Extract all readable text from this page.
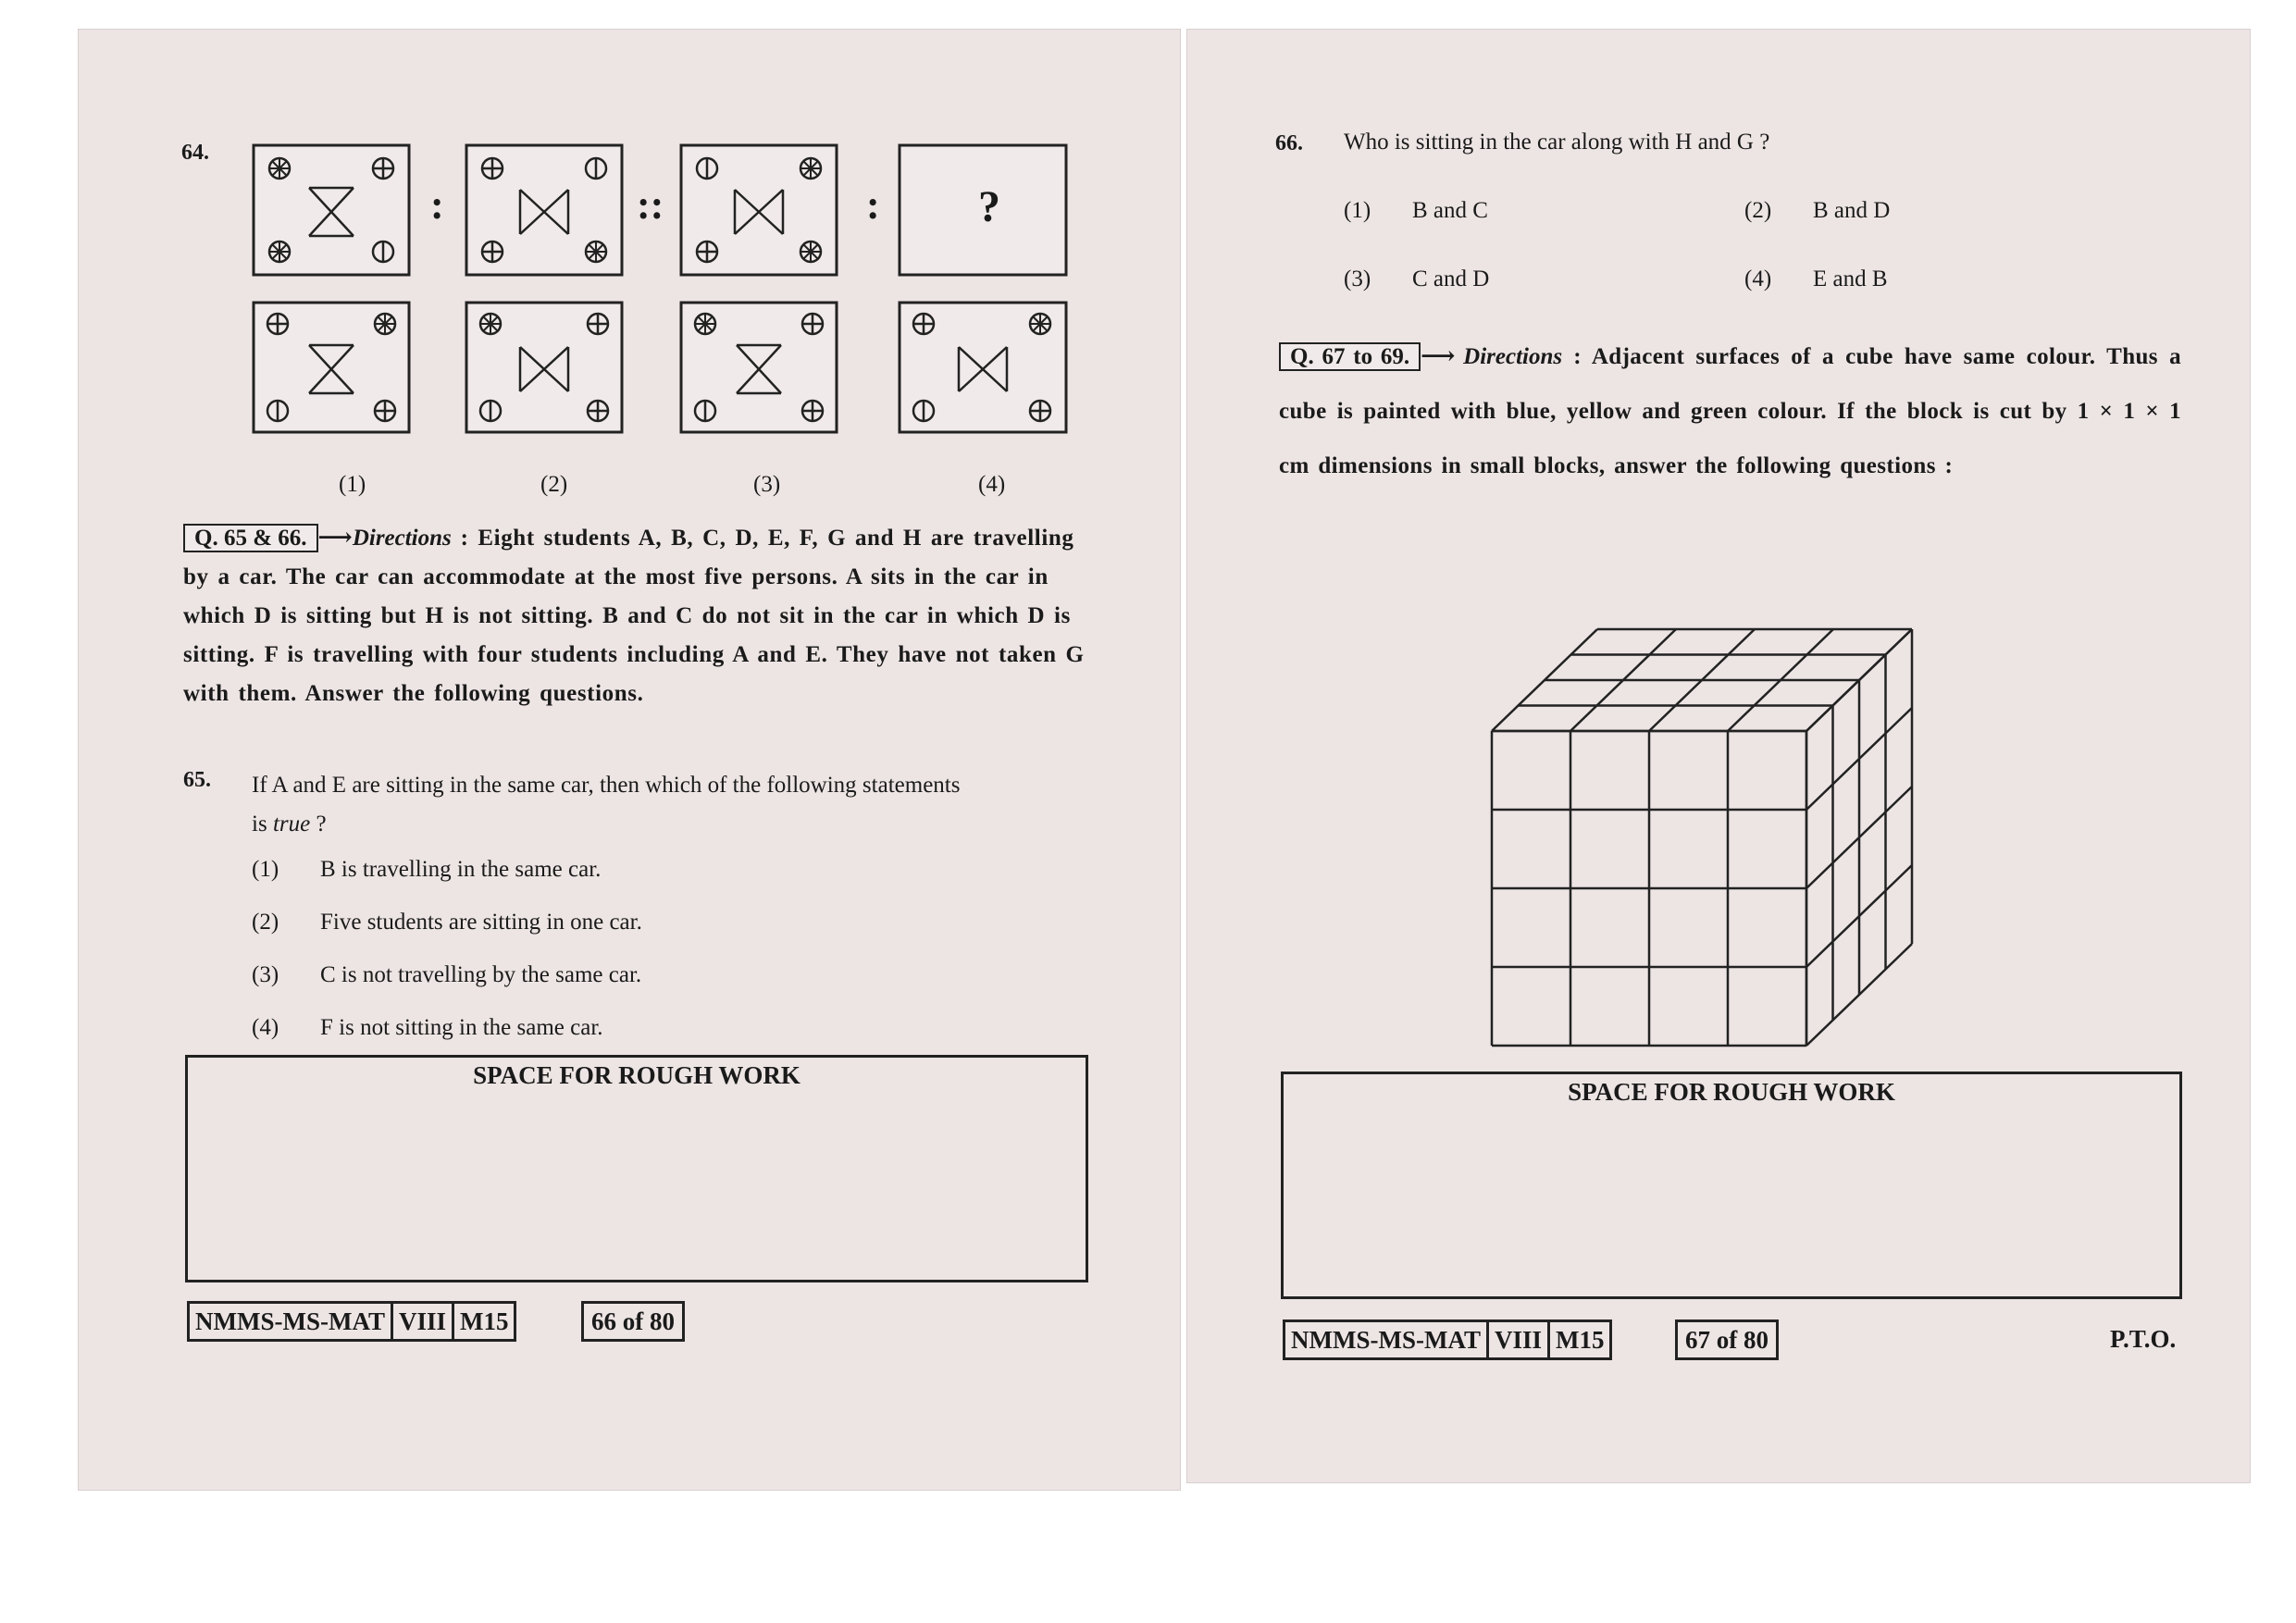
64.
:	::	: ?
(1)	(2)	(3)	(4)
Q. 65 & 66. ⟶Directions : Eight students A, B, C, D, E, F, G and H are travelling by a car. The car can accommodate at the most five persons. A sits in the car in which D is sitting but H is not sitting. B and C do not sit in the car in which D is sitting. F is travelling with four students including A and E. They have not taken G with them. Answer the following questions.
65. If A and E are sitting in the same car, then which of the following statements
is true ?
(1) B is travelling in the same car.
(2) Five students are sitting in one car.
(3) C is not travelling by the same car.
(4) F is not sitting in the same car.
SPACE FOR ROUGH WORK
NMMS-MS-MAT VIII M15	66 of 80
66. Who is sitting in the car along with H and G ?
(1) B and C	(2) B and D
(3) C and D	(4) E and B
Q. 67 to 69. ⟶ Directions : Adjacent surfaces of a cube have same colour. Thus a cube is painted with blue, yellow and green colour. If the block is cut by 1 × 1 × 1 cm dimensions in small blocks, answer the following questions :
SPACE FOR ROUGH WORK
NMMS-MS-MAT VIII M15	67 of 80	P.T.O.
